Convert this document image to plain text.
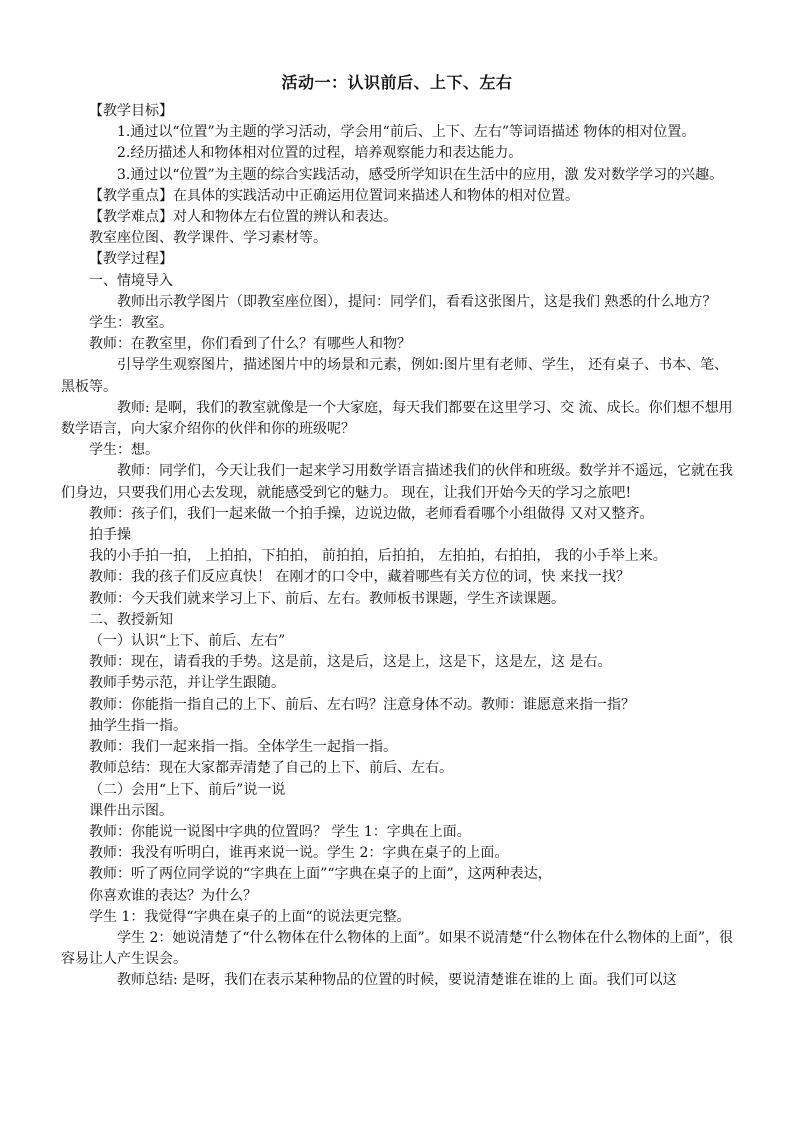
活动一：认识前后、上下、左右

【教学目标】

1.通过以“位置”为主题的学习活动，学会用“前后、上下、左右”等词语描述 物体的相对位置。

2.经历描述人和物体相对位置的过程，培养观察能力和表达能力。

3.通过以“位置”为主题的综合实践活动，感受所学知识在生活中的应用，激 发对数学学习的兴趣。

【教学重点】在具体的实践活动中正确运用位置词来描述人和物体的相对位置。

【教学难点】对人和物体左右位置的辨认和表达。

教室座位图、教学课件、学习素材等。

【教学过程】

一、情境导入

教师出示教学图片（即教室座位图），提问：同学们，看看这张图片，这是我们 熟悉的什么地方？

学生：教室。

教师：在教室里，你们看到了什么？有哪些人和物？

引导学生观察图片，描述图片中的场景和元素，例如:图片里有老师、学生， 还有桌子、书本、笔、黑板等。

教师: 是啊，我们的教室就像是一个大家庭，每天我们都要在这里学习、交 流、成长。你们想不想用数学语言，向大家介绍你的伙伴和你的班级呢？

学生：想。

教师：同学们，今天让我们一起来学习用数学语言描述我们的伙伴和班级。数学并不遥远，它就在我们身边，只要我们用心去发现，就能感受到它的魅力。 现在，让我们开始今天的学习之旅吧!

教师：孩子们，我们一起来做一个拍手操，边说边做，老师看看哪个小组做得 又对又整齐。

拍手操

我的小手拍一拍， 上拍拍，下拍拍， 前拍拍，后拍拍， 左拍拍，右拍拍， 我的小手举上来。

教师：我的孩子们反应真快！ 在刚才的口令中，藏着哪些有关方位的词，快 来找一找？

教师：今天我们就来学习上下、前后、左右。教师板书课题，学生齐读课题。

二、教授新知

（一）认识“上下、前后、左右”

教师：现在，请看我的手势。这是前，这是后，这是上，这是下，这是左，这 是右。

教师手势示范，并让学生跟随。

教师：你能指一指自己的上下、前后、左右吗？注意身体不动。教师：谁愿意来指一指？

抽学生指一指。

教师：我们一起来指一指。全体学生一起指一指。

教师总结：现在大家都弄清楚了自己的上下、前后、左右。

（二）会用“上下、前后”说一说

课件出示图。

教师：你能说一说图中字典的位置吗？ 学生 1：字典在上面。

教师：我没有听明白，谁再来说一说。学生 2：字典在桌子的上面。

教师：听了两位同学说的“字典在上面”“字典在桌子的上面”，这两种表达，

你喜欢谁的表达？为什么？

学生 1：我觉得“字典在桌子的上面“的说法更完整。

学生 2：她说清楚了“什么物体在什么物体的上面”。如果不说清楚“什么物体在什么物体的上面”，很容易让人产生误会。

教师总结: 是呀，我们在表示某种物品的位置的时候，要说清楚谁在谁的上 面。我们可以这
